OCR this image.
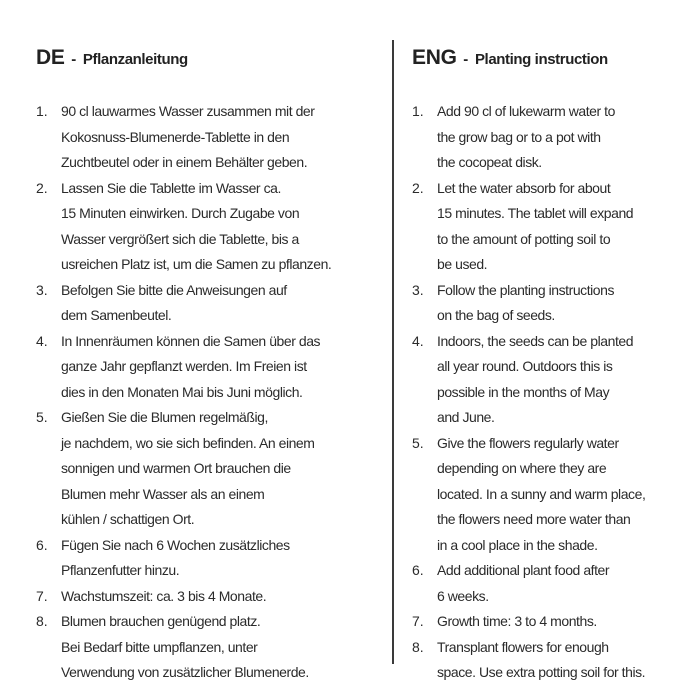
DE - Pflanzanleitung
1. 90 cl lauwarmes Wasser zusammen mit der
Kokosnuss-Blumenerde-Tablette in den
Zuchtbeutel oder in einem Behälter geben.
2. Lassen Sie die Tablette im Wasser ca.
15 Minuten einwirken. Durch Zugabe von
Wasser vergrößert sich die Tablette, bis a
usreichen Platz ist, um die Samen zu pflanzen.
3. Befolgen Sie bitte die Anweisungen auf
dem Samenbeutel.
4. In Innenräumen können die Samen über das
ganze Jahr gepflanzt werden. Im Freien ist
dies in den Monaten Mai bis Juni möglich.
5. Gießen Sie die Blumen regelmäßig,
je nachdem, wo sie sich befinden. An einem
sonnigen und warmen Ort brauchen die
Blumen mehr Wasser als an einem
kühlen / schattigen Ort.
6. Fügen Sie nach 6 Wochen zusätzliches
Pflanzenfutter hinzu.
7. Wachstumszeit: ca. 3 bis 4 Monate.
8. Blumen brauchen genügend platz.
Bei Bedarf bitte umpflanzen, unter
Verwendung von zusätzlicher Blumenerde.
ENG - Planting instruction
1. Add 90 cl of lukewarm water to
the grow bag or to a pot with
the cocopeat disk.
2. Let the water absorb for about
15 minutes. The tablet will expand
to the amount of potting soil to
be used.
3. Follow the planting instructions
on the bag of seeds.
4. Indoors, the seeds can be planted
all year round. Outdoors this is
possible in the months of May
and June.
5. Give the flowers regularly water
depending on where they are
located. In a sunny and warm place,
the flowers need more water than
in a cool place in the shade.
6. Add additional plant food after
6 weeks.
7. Growth time: 3 to 4 months.
8. Transplant flowers for enough
space. Use extra potting soil for this.
